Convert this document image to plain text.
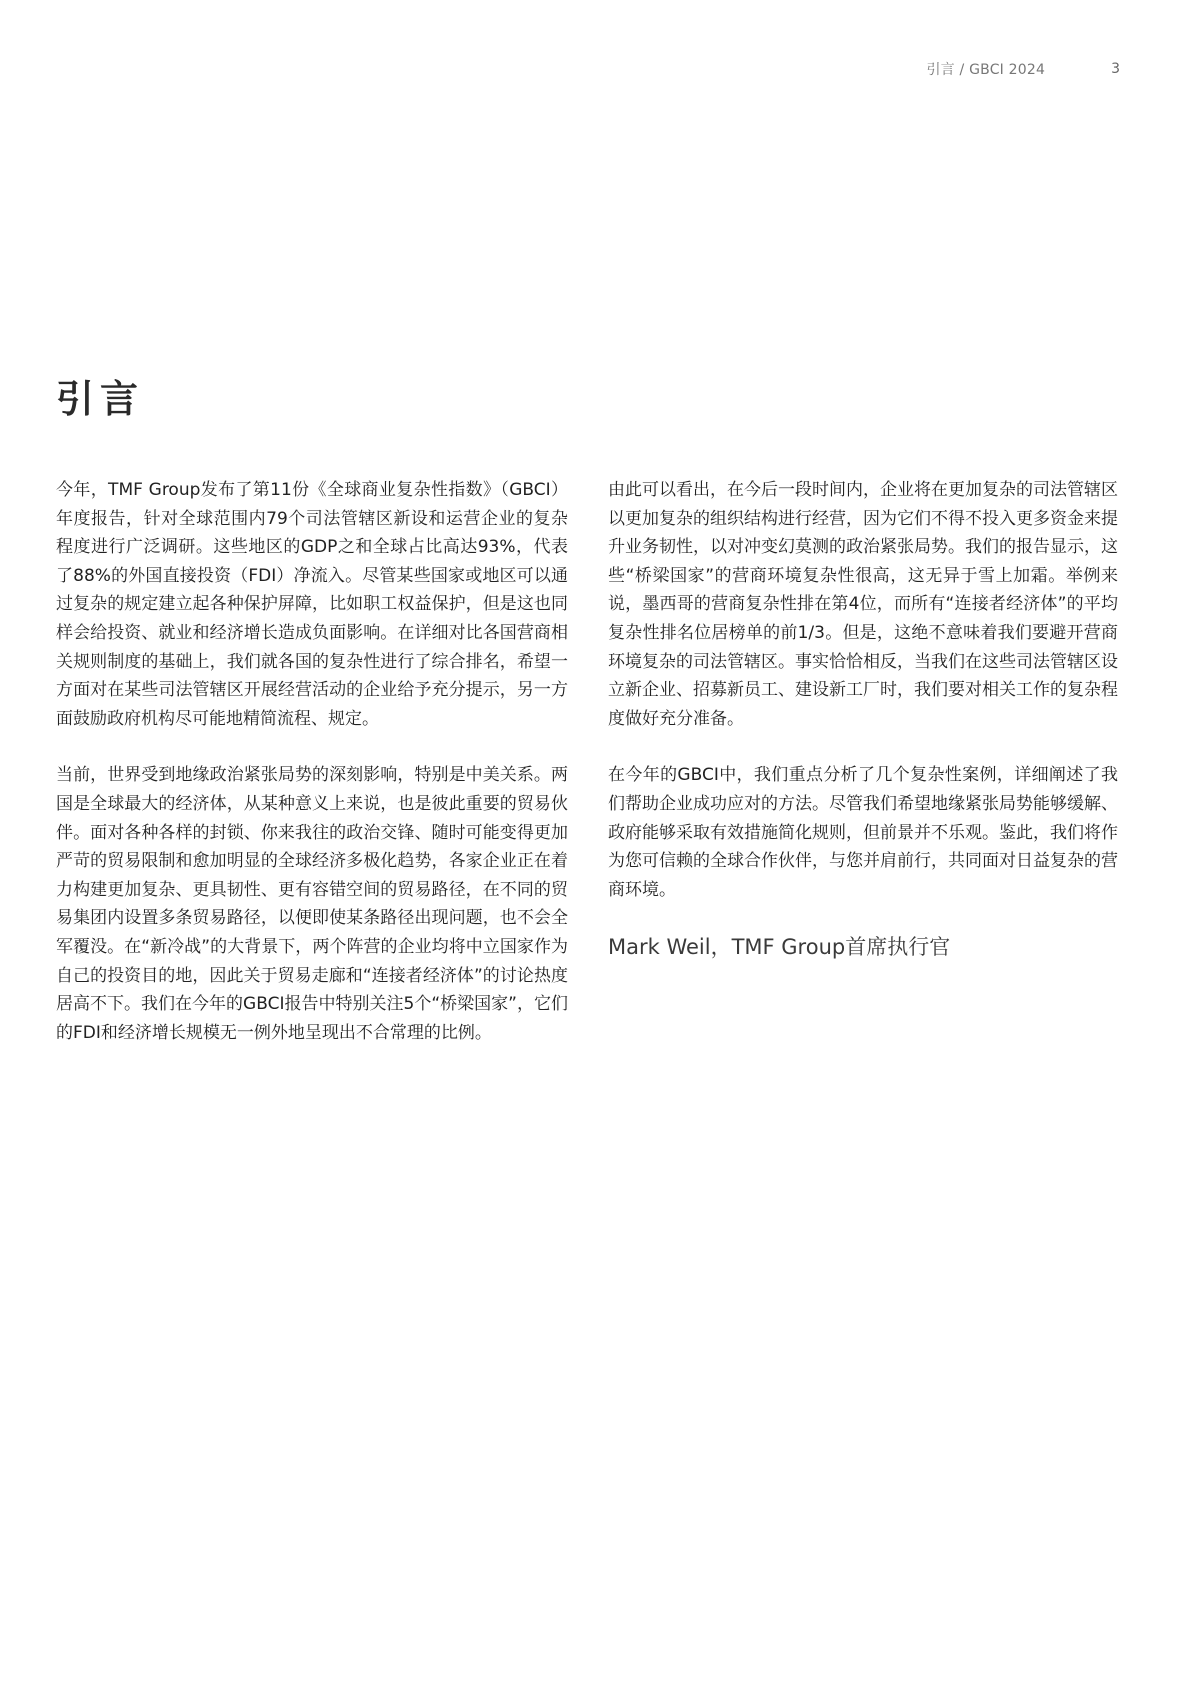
引言 / GBCI 2024	3
引言

今年，TMF Group发布了第11份《全球商业复杂性指数》（GBCI）年度报告，针对全球范围内79个司法管辖区新设和运营企业的复杂程度进行广泛调研。这些地区的GDP之和全球占比高达93%，代表了88%的外国直接投资（FDI）净流入。尽管某些国家或地区可以通过复杂的规定建立起各种保护屏障，比如职工权益保护，但是这也同样会给投资、就业和经济增长造成负面影响。在详细对比各国营商相关规则制度的基础上，我们就各国的复杂性进行了综合排名，希望一方面对在某些司法管辖区开展经营活动的企业给予充分提示，另一方面鼓励政府机构尽可能地精简流程、规定。

当前，世界受到地缘政治紧张局势的深刻影响，特别是中美关系。两国是全球最大的经济体，从某种意义上来说，也是彼此重要的贸易伙伴。面对各种各样的封锁、你来我往的政治交锋、随时可能变得更加严苛的贸易限制和愈加明显的全球经济多极化趋势，各家企业正在着力构建更加复杂、更具韧性、更有容错空间的贸易路径，在不同的贸易集团内设置多条贸易路径，以便即使某条路径出现问题，也不会全军覆没。在“新冷战”的大背景下，两个阵营的企业均将中立国家作为自己的投资目的地，因此关于贸易走廊和“连接者经济体”的讨论热度居高不下。我们在今年的GBCI报告中特别关注5个“桥梁国家”，它们的FDI和经济增长规模无一例外地呈现出不合常理的比例。

由此可以看出，在今后一段时间内，企业将在更加复杂的司法管辖区以更加复杂的组织结构进行经营，因为它们不得不投入更多资金来提升业务韧性，以对冲变幻莫测的政治紧张局势。我们的报告显示，这些“桥梁国家”的营商环境复杂性很高，这无异于雪上加霜。举例来说，墨西哥的营商复杂性排在第4位，而所有“连接者经济体”的平均复杂性排名位居榜单的前1/3。但是，这绝不意味着我们要避开营商环境复杂的司法管辖区。事实恰恰相反，当我们在这些司法管辖区设立新企业、招募新员工、建设新工厂时，我们要对相关工作的复杂程度做好充分准备。

在今年的GBCI中，我们重点分析了几个复杂性案例，详细阐述了我们帮助企业成功应对的方法。尽管我们希望地缘紧张局势能够缓解、政府能够采取有效措施简化规则，但前景并不乐观。鉴此，我们将作为您可信赖的全球合作伙伴，与您并肩前行，共同面对日益复杂的营商环境。

Mark Weil，TMF Group首席执行官
